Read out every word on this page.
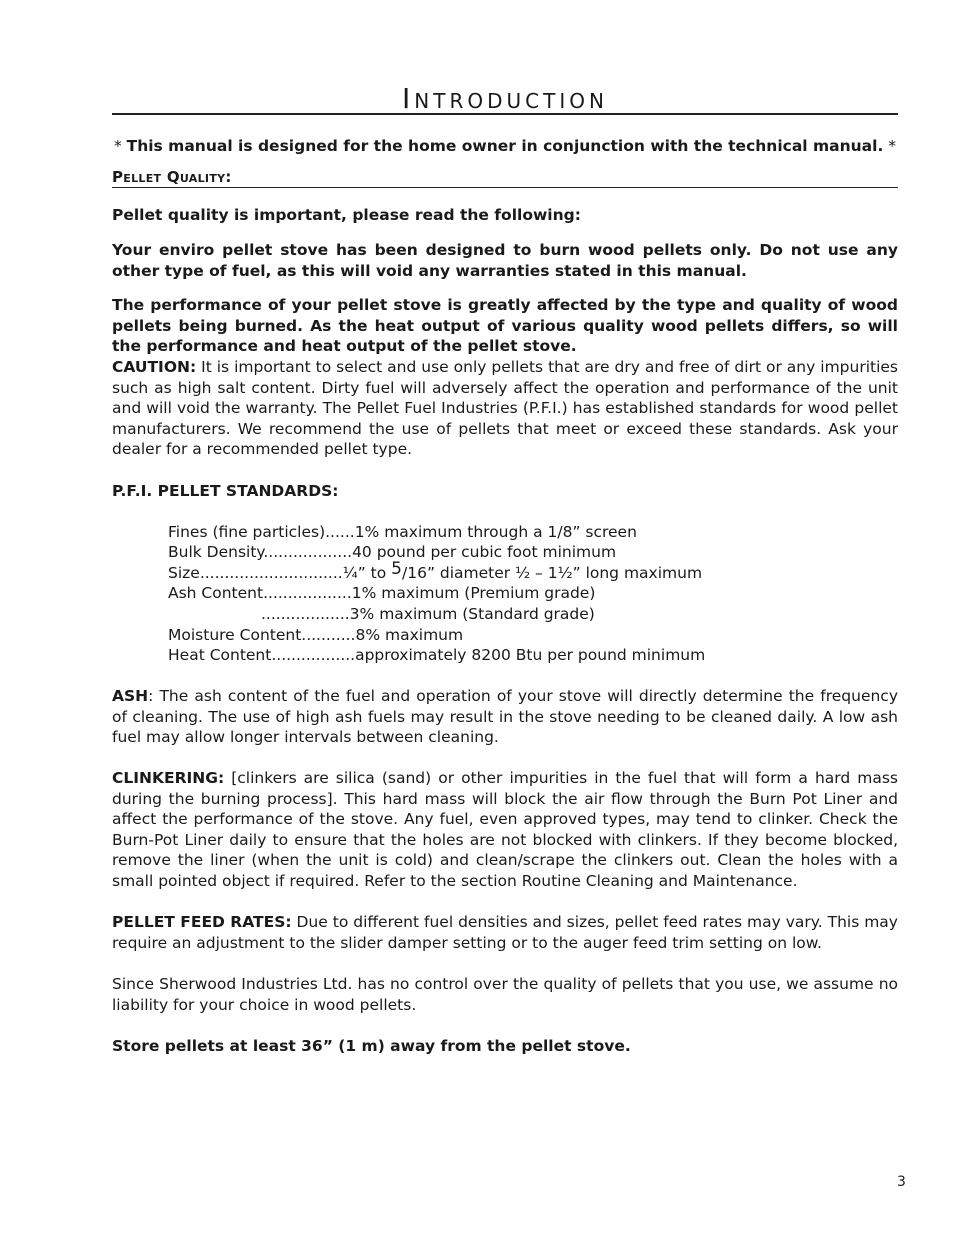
Introduction
* This manual is designed for the home owner in conjunction with the technical manual. *
Pellet Quality:
Pellet quality is important, please read the following:
Your enviro pellet stove has been designed to burn wood pellets only. Do not use any other type of fuel, as this will void any warranties stated in this manual.
The performance of your pellet stove is greatly affected by the type and quality of wood pellets being burned. As the heat output of various quality wood pellets differs, so will the performance and heat output of the pellet stove.
CAUTION: It is important to select and use only pellets that are dry and free of dirt or any impurities such as high salt content. Dirty fuel will adversely affect the operation and performance of the unit and will void the warranty. The Pellet Fuel Industries (P.F.I.) has established standards for wood pellet manufacturers. We recommend the use of pellets that meet or exceed these standards. Ask your dealer for a recommended pellet type.
P.F.I. PELLET STANDARDS:
Fines (fine particles)......1% maximum through a 1/8” screen
Bulk Density..................40 pound per cubic foot minimum
Size.............................¼” to $^5$/16” diameter ½ – 1½” long maximum
Ash Content..................1% maximum (Premium grade)
..................3% maximum (Standard grade)
Moisture Content...........8% maximum
Heat Content.................approximately 8200 Btu per pound minimum
ASH: The ash content of the fuel and operation of your stove will directly determine the frequency of cleaning. The use of high ash fuels may result in the stove needing to be cleaned daily. A low ash fuel may allow longer intervals between cleaning.
CLINKERING: [clinkers are silica (sand) or other impurities in the fuel that will form a hard mass during the burning process]. This hard mass will block the air flow through the Burn Pot Liner and affect the performance of the stove. Any fuel, even approved types, may tend to clinker. Check the Burn-Pot Liner daily to ensure that the holes are not blocked with clinkers. If they become blocked, remove the liner (when the unit is cold) and clean/scrape the clinkers out. Clean the holes with a small pointed object if required. Refer to the section Routine Cleaning and Maintenance.
PELLET FEED RATES: Due to different fuel densities and sizes, pellet feed rates may vary. This may require an adjustment to the slider damper setting or to the auger feed trim setting on low.
Since Sherwood Industries Ltd. has no control over the quality of pellets that you use, we assume no liability for your choice in wood pellets.
Store pellets at least 36” (1 m) away from the pellet stove.
3
